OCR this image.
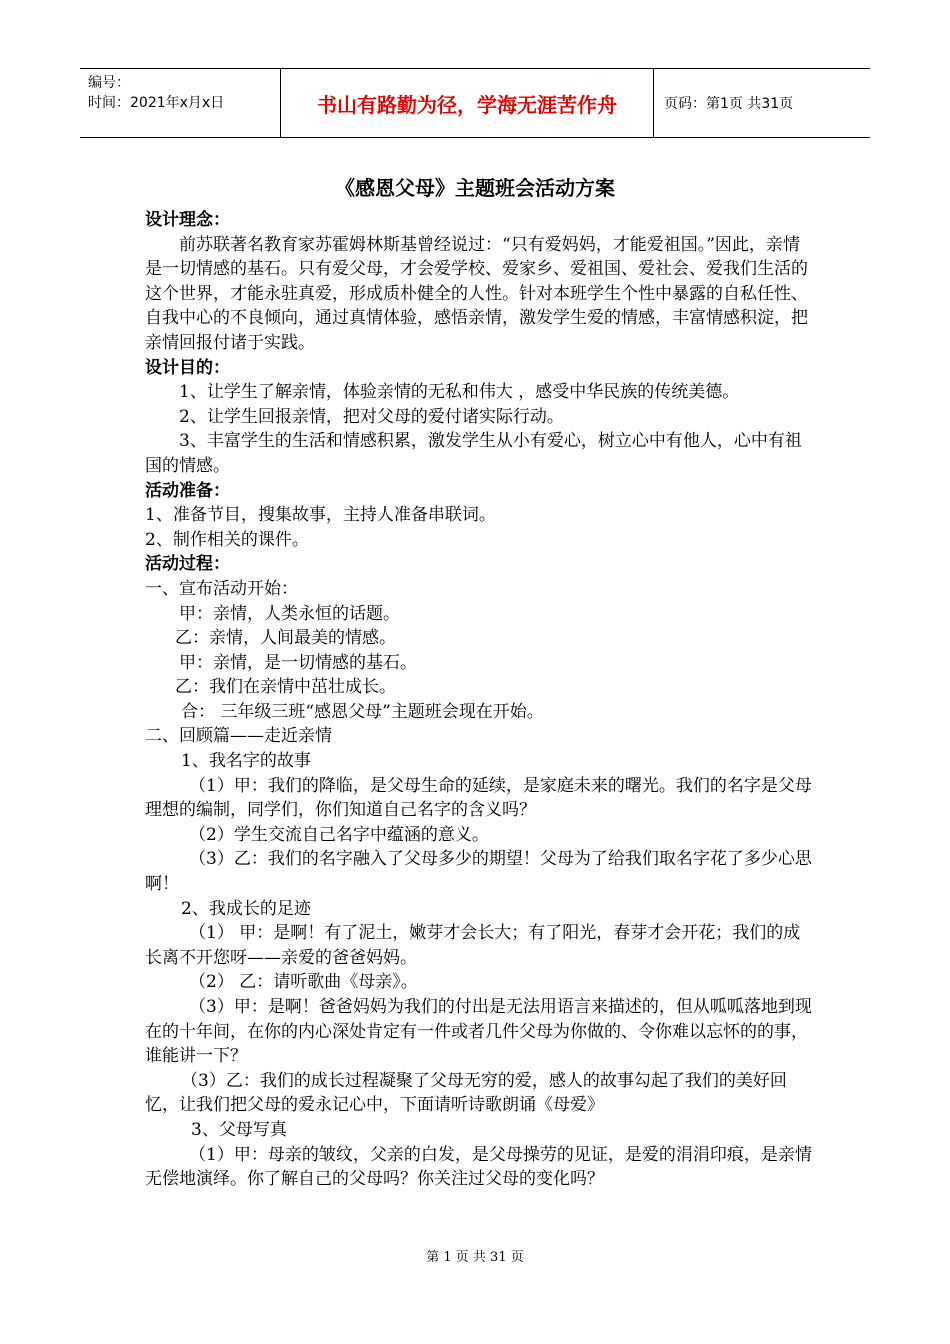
编号：
时间：2021年x月x日	书山有路勤为径，学海无涯苦作舟	页码：第1页 共31页
《感恩父母》主题班会活动方案

设计理念：

前苏联著名教育家苏霍姆林斯基曾经说过：“只有爱妈妈，才能爱祖国。”因此，亲情是一切情感的基石。只有爱父母，才会爱学校、爱家乡、爱祖国、爱社会、爱我们生活的这个世界，才能永驻真爱，形成质朴健全的人性。针对本班学生个性中暴露的自私任性、自我中心的不良倾向，通过真情体验，感悟亲情，激发学生爱的情感，丰富情感积淀，把亲情回报付诸于实践。

设计目的：

1、让学生了解亲情，体验亲情的无私和伟大 ，感受中华民族的传统美德。

2、让学生回报亲情，把对父母的爱付诸实际行动。

3、丰富学生的生活和情感积累，激发学生从小有爱心，树立心中有他人，心中有祖国的情感。

活动准备：

1、准备节目，搜集故事，主持人准备串联词。

2、制作相关的课件。

活动过程：

一、宣布活动开始：

甲：亲情，人类永恒的话题。

乙：亲情，人间最美的情感。

甲：亲情，是一切情感的基石。

乙：我们在亲情中茁壮成长。

合： 三年级三班“感恩父母”主题班会现在开始。

二、回顾篇——走近亲情

1、我名字的故事

（1）甲：我们的降临，是父母生命的延续，是家庭未来的曙光。我们的名字是父母理想的编制，同学们，你们知道自己名字的含义吗？

（2）学生交流自己名字中蕴涵的意义。

（3）乙：我们的名字融入了父母多少的期望！父母为了给我们取名字花了多少心思啊！

2、我成长的足迹

（1） 甲：是啊！有了泥土，嫩芽才会长大；有了阳光，春芽才会开花；我们的成长离不开您呀——亲爱的爸爸妈妈。

（2） 乙：请听歌曲《母亲》。

（3）甲：是啊！爸爸妈妈为我们的付出是无法用语言来描述的，但从呱呱落地到现在的十年间，在你的内心深处肯定有一件或者几件父母为你做的、令你难以忘怀的的事，谁能讲一下？

（3）乙：我们的成长过程凝聚了父母无穷的爱，感人的故事勾起了我们的美好回忆，让我们把父母的爱永记心中，下面请听诗歌朗诵《母爱》

3、父母写真

（1）甲：母亲的皱纹，父亲的白发，是父母操劳的见证，是爱的涓涓印痕，是亲情无偿地演绎。你了解自己的父母吗？你关注过父母的变化吗？

第 1 页 共 31 页
